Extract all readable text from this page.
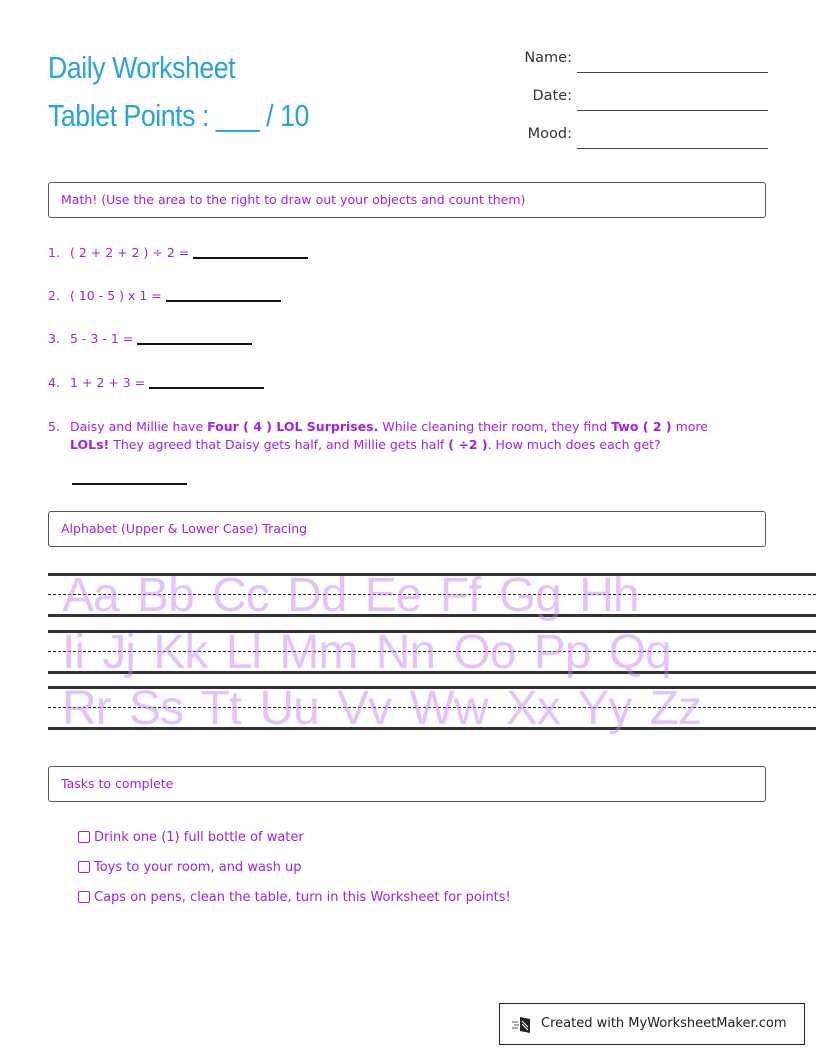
Daily Worksheet
Tablet Points : ___ / 10
Name:
Date:
Mood:
Math! (Use the area to the right to draw out your objects and count them)
1. ( 2 + 2 + 2 ) ÷ 2 =
2. ( 10 - 5 ) x 1 =
3. 5 - 3 - 1 =
4. 1 + 2 + 3 =
5. Daisy and Millie have Four ( 4 ) LOL Surprises. While cleaning their room, they find Two ( 2 ) more LOLs! They agreed that Daisy gets half, and Millie gets half ( ÷2 ). How much does each get?
Alphabet (Upper & Lower Case) Tracing
Aa Bb Cc Dd Ee Ff Gg Hh
Ii Jj Kk Ll Mm Nn Oo Pp Qq
Rr Ss Tt Uu Vv Ww Xx Yy Zz
Tasks to complete
Drink one (1) full bottle of water
Toys to your room, and wash up
Caps on pens, clean the table, turn in this Worksheet for points!
Created with MyWorksheetMaker.com
